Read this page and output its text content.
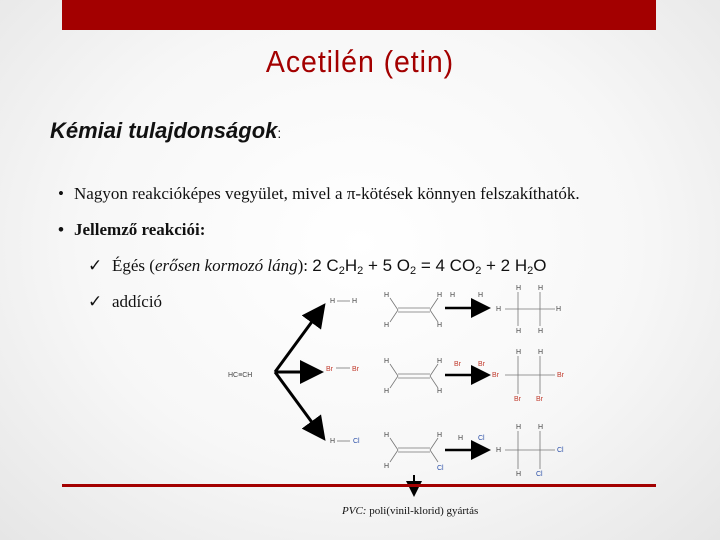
Acetilén (etin)
Kémiai tulajdonságok:
• Nagyon reakcióképes vegyület, mivel a π-kötések könnyen felszakíthatók.
• Jellemző reakciói:
✓ Égés (erősen kormozó láng): 2 $C_2H_2 + 5$ $O_2 = 4$ $CO_2 + 2$ $H_2O$
✓ addíció
HC≡CH
H H
H
H
H
H
H	H
H	H
H H
H H
Br	Br
H
H
H
H
Br Br
Br	Br
H H
Br Br
H	Cl
H
H
H
Cl
H Cl
H	Cl
H H
H Cl
PVC: poli(vinil-klorid) gyártás
